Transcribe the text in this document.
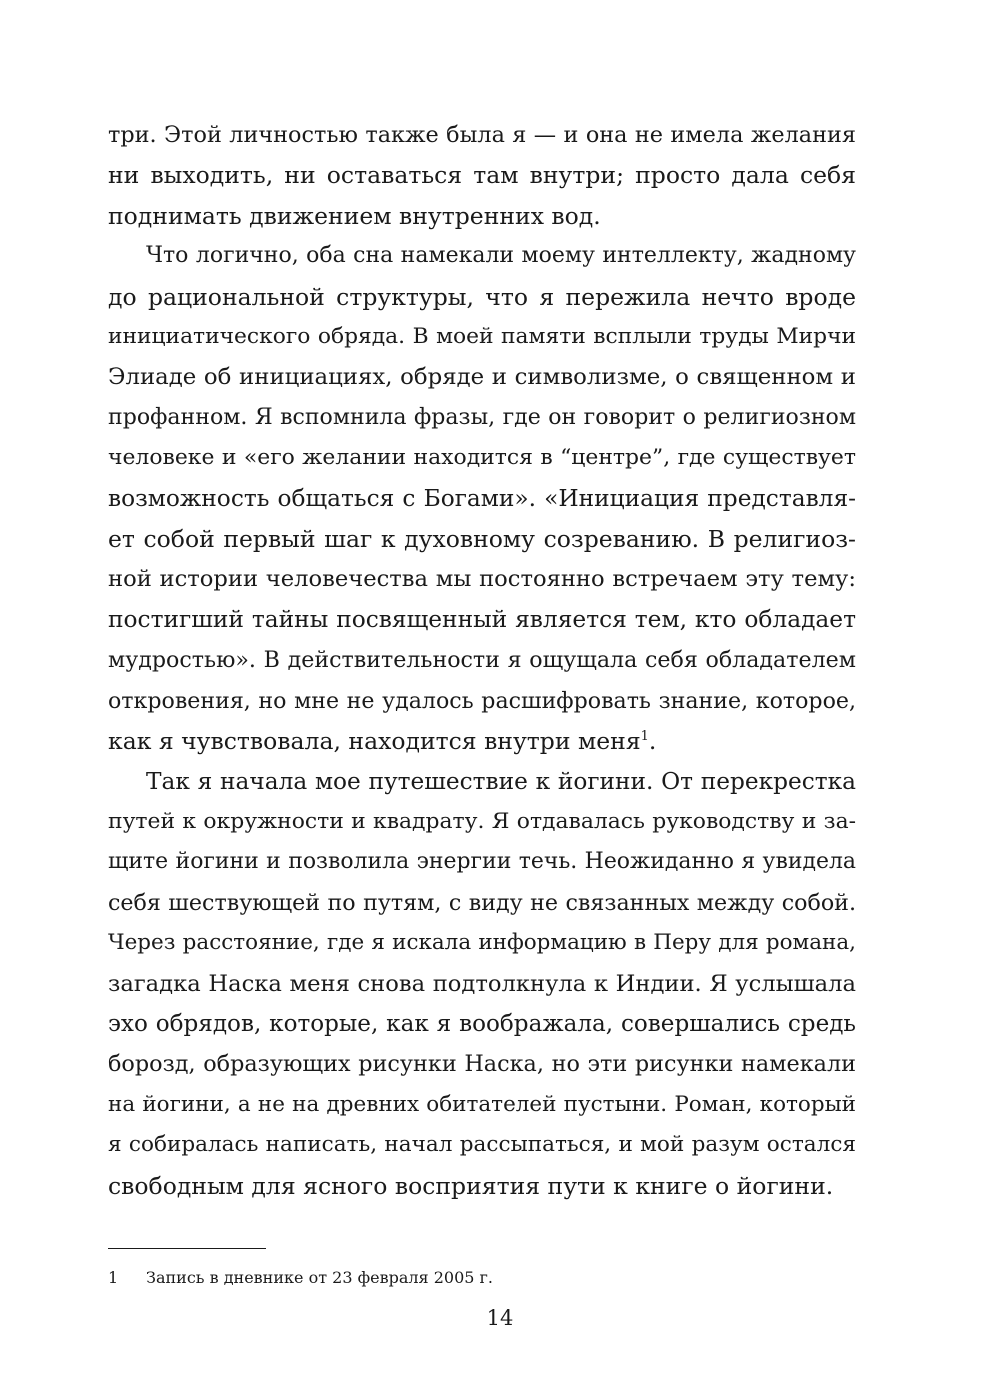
три. Этой личностью также была я — и она не имела желания
ни выходить, ни оставаться там внутри; просто дала себя
поднимать движением внутренних вод.

Что логично, оба сна намекали моему интеллекту, жадному
до рациональной структуры, что я пережила нечто вроде
инициатического обряда. В моей памяти всплыли труды Мирчи
Элиаде об инициациях, обряде и символизме, о священном и
профанном. Я вспомнила фразы, где он говорит о религиозном
человеке и «его желании находится в “центре”, где существует
возможность общаться с Богами». «Инициация представля-
ет собой первый шаг к духовному созреванию. В религиоз-
ной истории человечества мы постоянно встречаем эту тему:
постигший тайны посвященный является тем, кто обладает
мудростью». В действительности я ощущала себя обладателем
откровения, но мне не удалось расшифровать знание, которое,
как я чувствовала, находится внутри меня$^1$.

Так я начала мое путешествие к йогини. От перекрестка
путей к окружности и квадрату. Я отдавалась руководству и за-
щите йогини и позволила энергии течь. Неожиданно я увидела
себя шествующей по путям, с виду не связанных между собой.
Через расстояние, где я искала информацию в Перу для романа,
загадка Наска меня снова подтолкнула к Индии. Я услышала
эхо обрядов, которые, как я воображала, совершались средь
борозд, образующих рисунки Наска, но эти рисунки намекали
на йогини, а не на древних обитателей пустыни. Роман, который
я собиралась написать, начал рассыпаться, и мой разум остался
свободным для ясного восприятия пути к книге о йогини.

1 Запись в дневнике от 23 февраля 2005 г.
14
